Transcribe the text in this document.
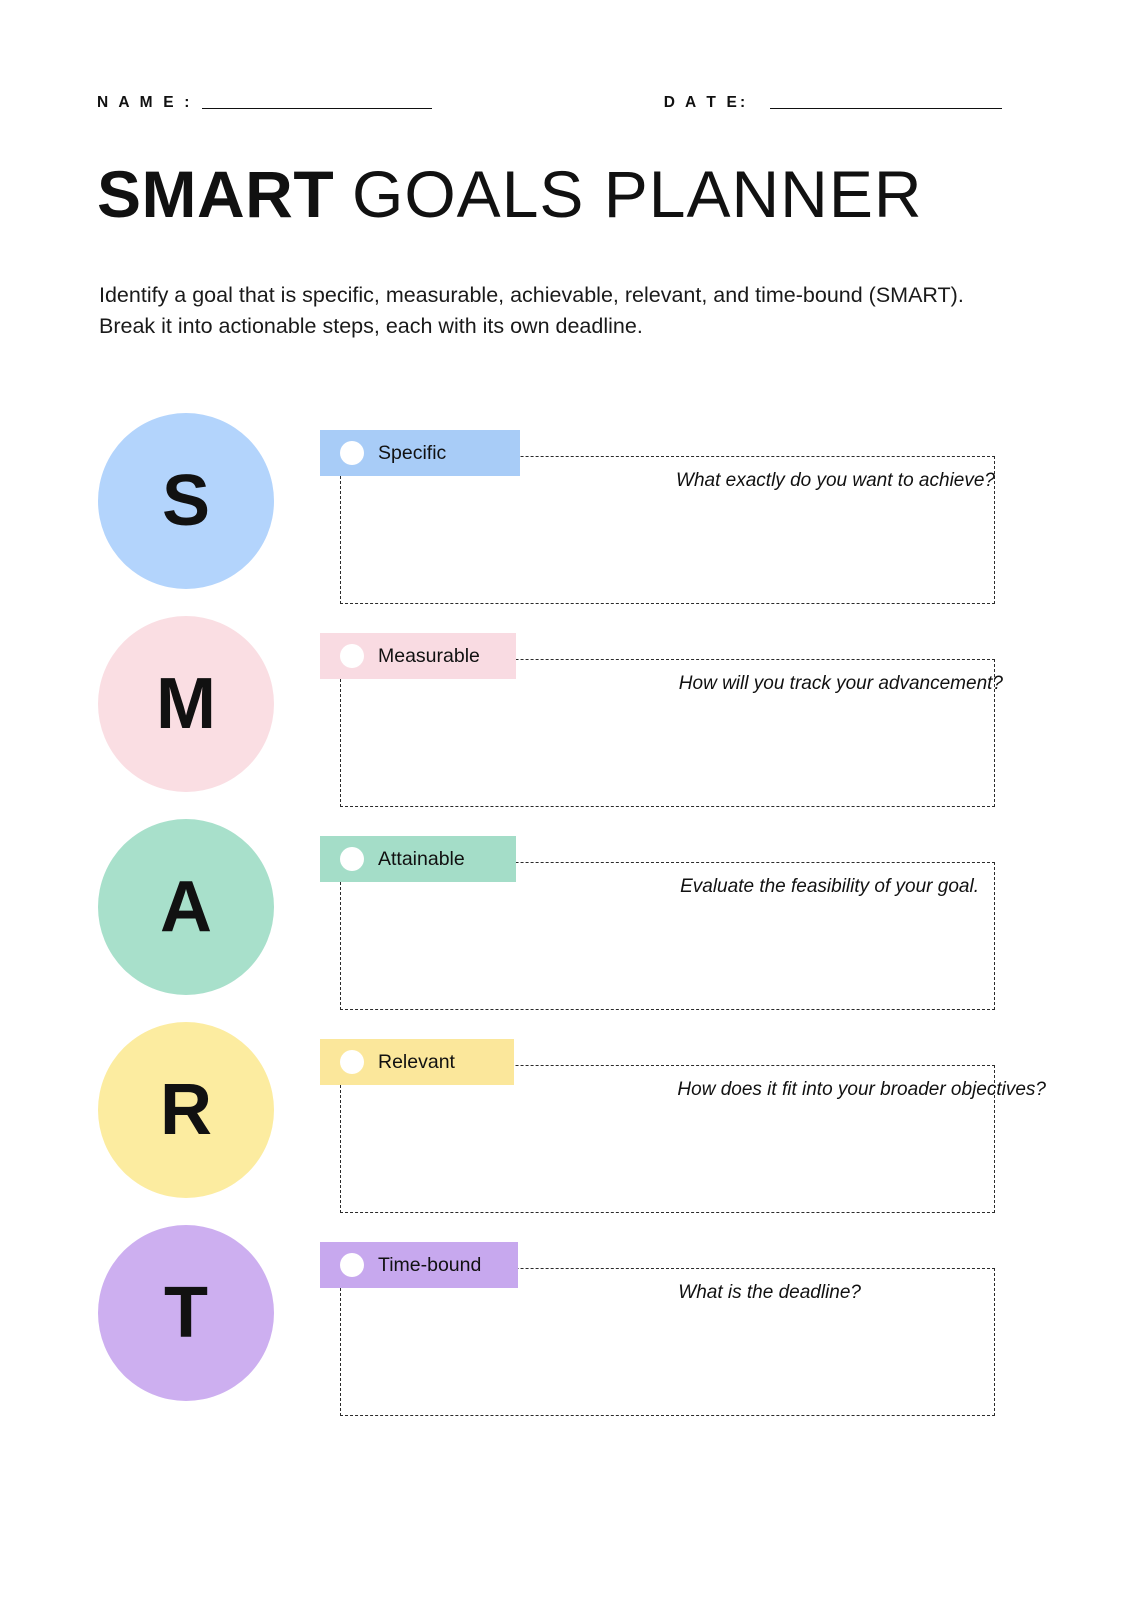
N A M E :	D A T E:
SMART GOALS PLANNER
Identify a goal that is specific, measurable, achievable, relevant, and time-bound (SMART). Break it into actionable steps, each with its own deadline.
S
Specific
What exactly do you want to achieve?
M
Measurable
How will you track your advancement?
A
Attainable
Evaluate the feasibility of your goal.
R
Relevant
How does it fit into your broader objectives?
T
Time-bound
What is the deadline?
